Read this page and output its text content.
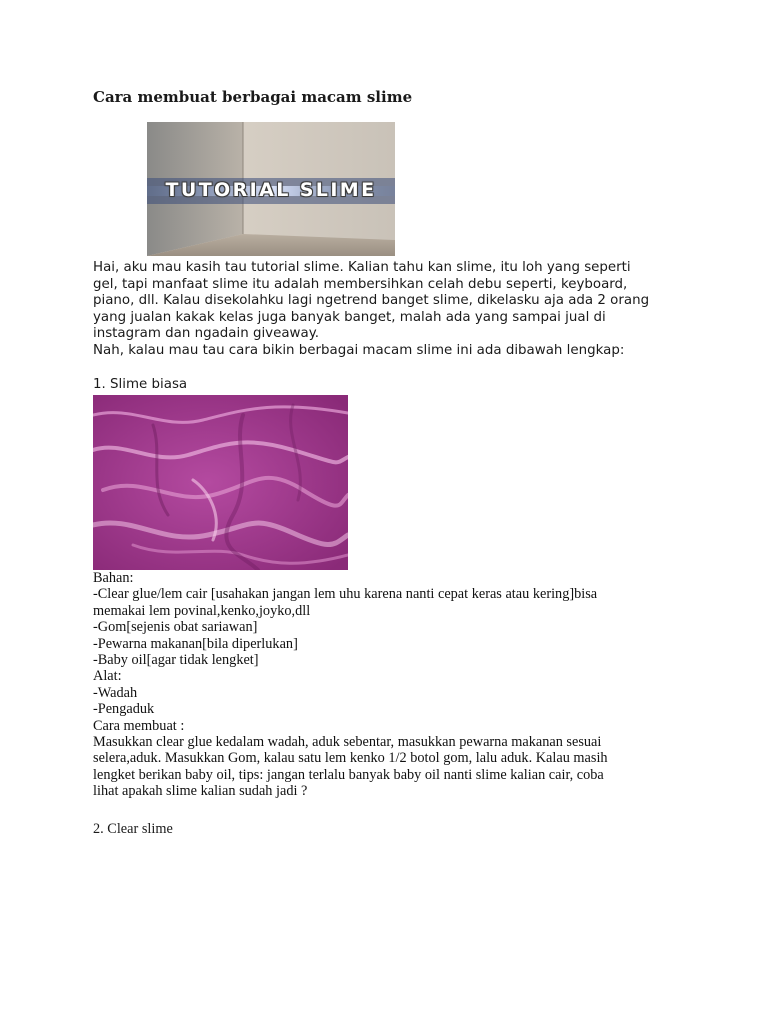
Cara membuat berbagai macam slime
TUTORIAL SLIME

Hai, aku mau kasih tau tutorial slime. Kalian tahu kan slime, itu loh yang seperti
gel, tapi manfaat slime itu adalah membersihkan celah debu seperti, keyboard,
piano, dll. Kalau disekolahku lagi ngetrend banget slime, dikelasku aja ada 2 orang
yang jualan kakak kelas juga banyak banget, malah ada yang sampai jual di
instagram dan ngadain giveaway.
Nah, kalau mau tau cara bikin berbagai macam slime ini ada dibawah lengkap:

1. Slime biasa

Bahan:

-Clear glue/lem cair [usahakan jangan lem uhu karena nanti cepat keras atau kering]bisa

memakai lem povinal,kenko,joyko,dll

-Gom[sejenis obat sariawan]

-Pewarna makanan[bila diperlukan]

-Baby oil[agar tidak lengket]

Alat:

-Wadah

-Pengaduk

Cara membuat :

Masukkan clear glue kedalam wadah, aduk sebentar, masukkan pewarna makanan sesuai

selera,aduk. Masukkan Gom, kalau satu lem kenko 1/2 botol gom, lalu aduk. Kalau masih

lengket berikan baby oil, tips: jangan terlalu banyak baby oil nanti slime kalian cair, coba

lihat apakah slime kalian sudah jadi ?

2. Clear slime
